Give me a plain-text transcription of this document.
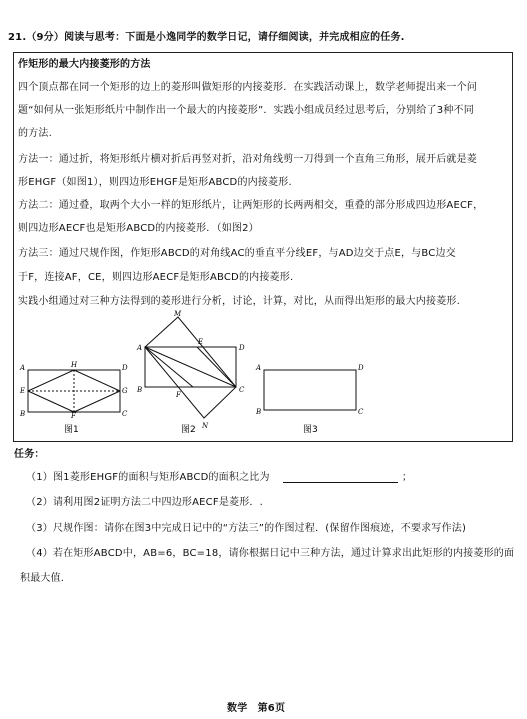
21.（9分）阅读与思考：下面是小逸同学的数学日记，请仔细阅读，并完成相应的任务.
作矩形的最大内接菱形的方法
四个顶点都在同一个矩形的边上的菱形叫做矩形的内接菱形．在实践活动课上，数学老师提出来一个问
题“如何从一张矩形纸片中制作出一个最大的内接菱形”．实践小组成员经过思考后，分别给了3种不同
的方法.
方法一：通过折，将矩形纸片横对折后再竖对折，沿对角线剪一刀得到一个直角三角形，展开后就是菱
形EHGF（如图1），则四边形EHGF是矩形ABCD的内接菱形.
方法二：通过叠，取两个大小一样的矩形纸片，让两矩形的长两两相交，重叠的部分形成四边形AECF，
则四边形AECF也是矩形ABCD的内接菱形．（如图2）
方法三：通过尺规作图，作矩形ABCD的对角线AC的垂直平分线EF，与AD边交于点E，与BC边交
于F，连接AF，CE，则四边形AECF是矩形ABCD的内接菱形.
实践小组通过对三种方法得到的菱形进行分析，讨论，计算，对比，从而得出矩形的最大内接菱形.
A	D
B	C
E
F
G
H
图1
A	D
B	C
E
F
M
N
图2
A	D
B	C
图3
任务：
（1）图1菱形EHGF的面积与矩形ABCD的面积之比为	；
（2）请利用图2证明方法二中四边形AECF是菱形．.
（3）尺规作图：请你在图3中完成日记中的“方法三”的作图过程．(保留作图痕迹，不要求写作法)
（4）若在矩形ABCD中，AB=6，BC=18，请你根据日记中三种方法，通过计算求出此矩形的内接菱形的面
积最大值.
数学　第6页
